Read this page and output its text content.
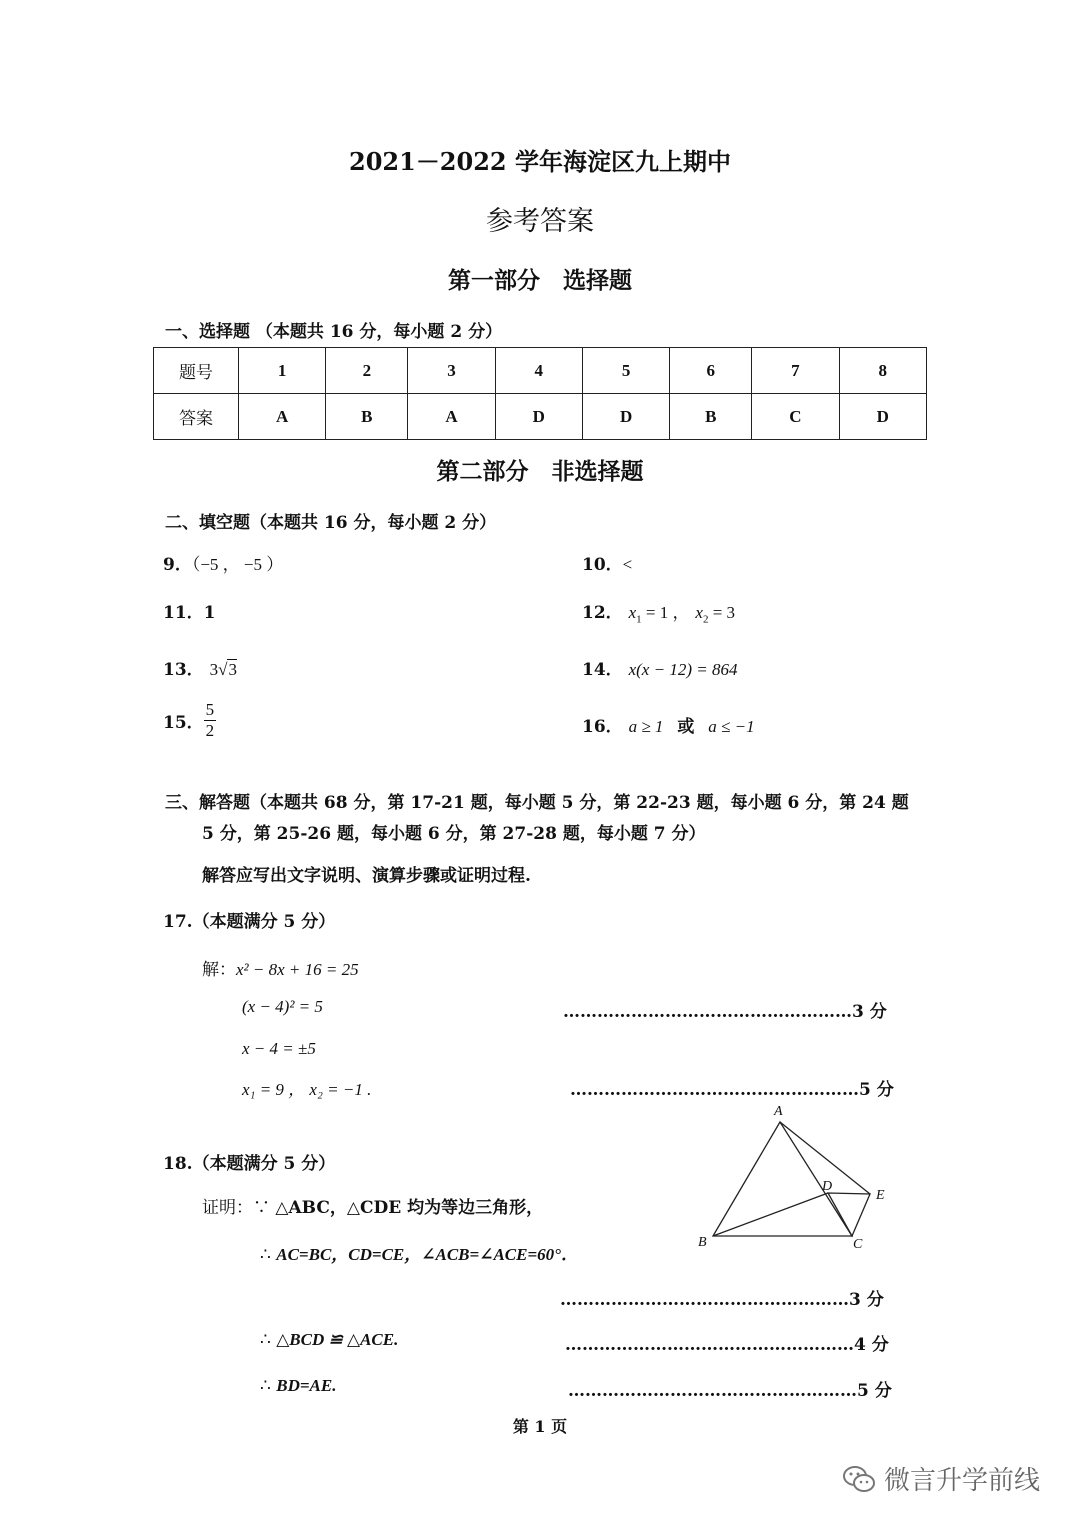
2021－2022 学年海淀区九上期中
参考答案
第一部分　选择题
一、选择题 （本题共 16 分，每小题 2 分）
题号	1	2	3	4	5	6	7	8
答案	A	B	A	D	D	B	C	D
第二部分　非选择题
二、填空题（本题共 16 分，每小题 2 分）
9．（−5 ， −5 ）	10．<
11．1	12． $x_1 = 1$ ， $x_2 = 3$
13． 3√3	14． x(x − 12) = 864
15． $\frac{5}{2}$	16． a ≥ 1 或 a ≤ −1
三、解答题（本题共 68 分，第 17-21 题，每小题 5 分，第 22-23 题，每小题 6 分，第 24 题
5 分，第 25-26 题，每小题 6 分，第 27-28 题，每小题 7 分）
解答应写出文字说明、演算步骤或证明过程.
17.（本题满分 5 分）
解：x² − 8x + 16 = 25
(x − 4)² = 5	……………………………………………3 分
x − 4 = ±5
x₁ = 9 ， x₂ = −1 .	……………………………………………5 分
A
B	C
D
E
18.（本题满分 5 分）
证明：∵ △ABC，△CDE 均为等边三角形，
∴ AC=BC，CD=CE，∠ACB=∠ACE=60°．
……………………………………………3 分
∴ △BCD ≌ △ACE.	……………………………………………4 分
∴ BD=AE.	……………………………………………5 分
第 1 页
微言升学前线
